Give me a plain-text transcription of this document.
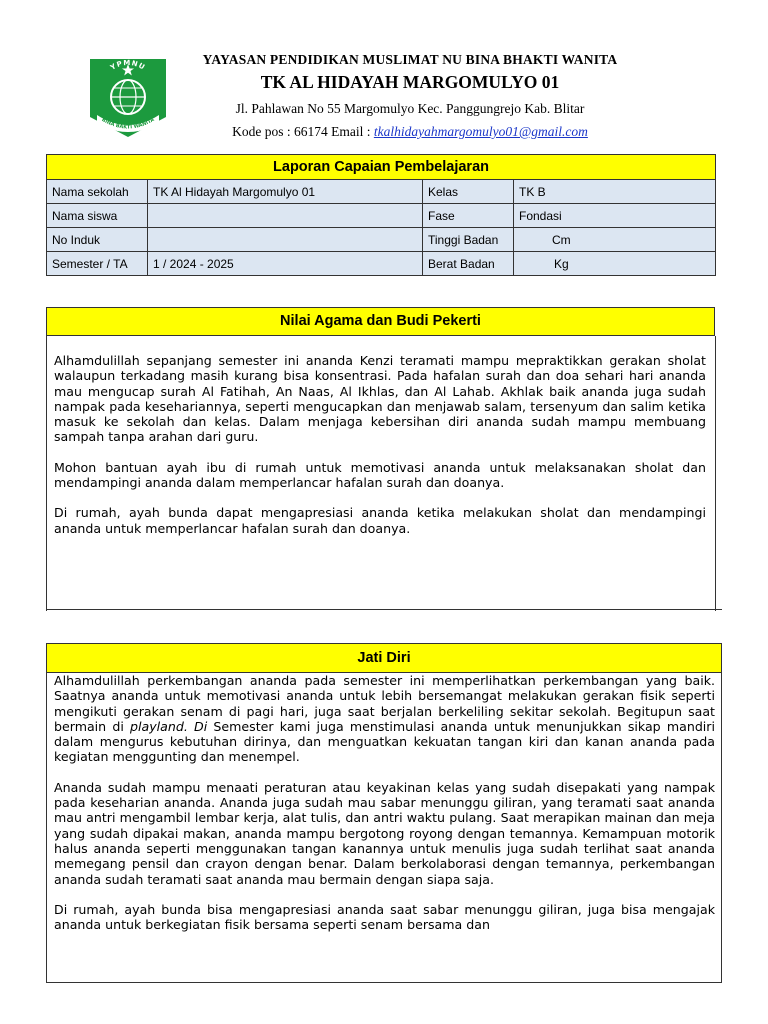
YPMNU
BINA BAKTI WANITA
YAYASAN PENDIDIKAN MUSLIMAT NU BINA BHAKTI WANITA
TK AL HIDAYAH MARGOMULYO 01
Jl. Pahlawan No 55 Margomulyo Kec. Panggungrejo Kab. Blitar
Kode pos : 66174 Email : tkalhidayahmargomulyo01@gmail.com
Laporan Capaian Pembelajaran			
Nama sekolah	TK Al Hidayah Margomulyo 01	Kelas	TK B
Nama siswa		Fase	Fondasi
No Induk		Tinggi Badan	Cm
Semester / TA	1 / 2024 - 2025	Berat Badan	Kg
Nilai Agama dan Budi Pekerti

Alhamdulillah sepanjang semester ini ananda Kenzi teramati mampu mepraktikkan gerakan sholat walaupun terkadang masih kurang bisa konsentrasi. Pada hafalan surah dan doa sehari hari ananda mau mengucap surah Al Fatihah, An Naas, Al Ikhlas, dan Al Lahab. Akhlak baik ananda juga sudah nampak pada kesehariannya, seperti mengucapkan dan menjawab salam, tersenyum dan salim ketika masuk ke sekolah dan kelas. Dalam menjaga kebersihan diri ananda sudah mampu membuang sampah tanpa arahan dari guru.

Mohon bantuan ayah ibu di rumah untuk memotivasi ananda untuk melaksanakan sholat dan mendampingi ananda dalam memperlancar hafalan surah dan doanya.

Di rumah, ayah bunda dapat mengapresiasi ananda ketika melakukan sholat dan mendampingi ananda untuk memperlancar hafalan surah dan doanya.

Jati Diri

Alhamdulillah perkembangan ananda pada semester ini memperlihatkan perkembangan yang baik. Saatnya ananda untuk memotivasi ananda untuk lebih bersemangat melakukan gerakan fisik seperti mengikuti gerakan senam di pagi hari, juga saat berjalan berkeliling sekitar sekolah. Begitupun saat bermain di playland. Di Semester kami juga menstimulasi ananda untuk menunjukkan sikap mandiri dalam mengurus kebutuhan dirinya, dan menguatkan kekuatan tangan kiri dan kanan ananda pada kegiatan menggunting dan menempel.

Ananda sudah mampu menaati peraturan atau keyakinan kelas yang sudah disepakati yang nampak pada keseharian ananda. Ananda juga sudah mau sabar menunggu giliran, yang teramati saat ananda mau antri mengambil lembar kerja, alat tulis, dan antri waktu pulang. Saat merapikan mainan dan meja yang sudah dipakai makan, ananda mampu bergotong royong dengan temannya. Kemampuan motorik halus ananda seperti menggunakan tangan kanannya untuk menulis juga sudah terlihat saat ananda memegang pensil dan crayon dengan benar. Dalam berkolaborasi dengan temannya, perkembangan ananda sudah teramati saat ananda mau bermain dengan siapa saja.

Di rumah, ayah bunda bisa mengapresiasi ananda saat sabar menunggu giliran, juga bisa mengajak ananda untuk berkegiatan fisik bersama seperti senam bersama dan
